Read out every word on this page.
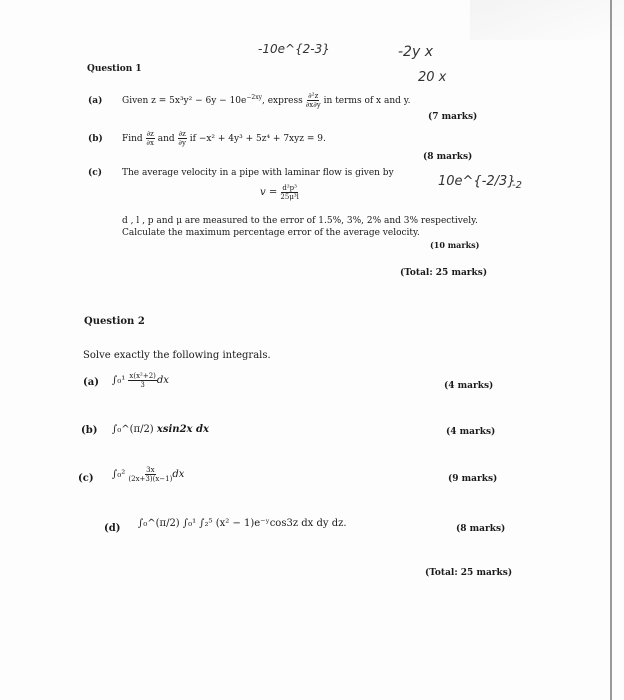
-10e^{2-3}	-2y x
20 x
10e^{-2/3}
-2
Question 1
(a) Given $z = 5x^3y^2 - 6y - 10e^{-2xy}$, express $\frac{\text{∂²z}}{\partial x\partial y}$ in terms of x and y.
(7 marks)
(b) Find $\frac{\partial z}{\partial x}$ and $\frac{\partial z}{\partial y}$ if −x² + 4y³ + 5z⁴ + 7xyz = 9.
(8 marks)
(c) The average velocity in a pipe with laminar flow is given by
$v = \frac{\text{d²p³}}{\text{25μ³l}}$
d , l , p and μ are measured to the error of 1.5%, 3%, 2% and 3% respectively.
Calculate the maximum percentage error of the average velocity.
(10 marks)
(Total: 25 marks)
Question 2
Solve exactly the following integrals.
(a) $\int_0^1 \frac{\text{x(x²+2)}}{3}$ dx	(4 marks)
(b) ∫₀^(π/2) xsin2x dx	(4 marks)
(c) $\int_0^2 \frac{3x}{(2x+3)(x-1)}$ dx	(9 marks)
(d) ∫₀^(π/2) ∫₀¹ ∫₂⁵ (x² − 1)e⁻ʸcos3z dx dy dz.	(8 marks)
(Total: 25 marks)
